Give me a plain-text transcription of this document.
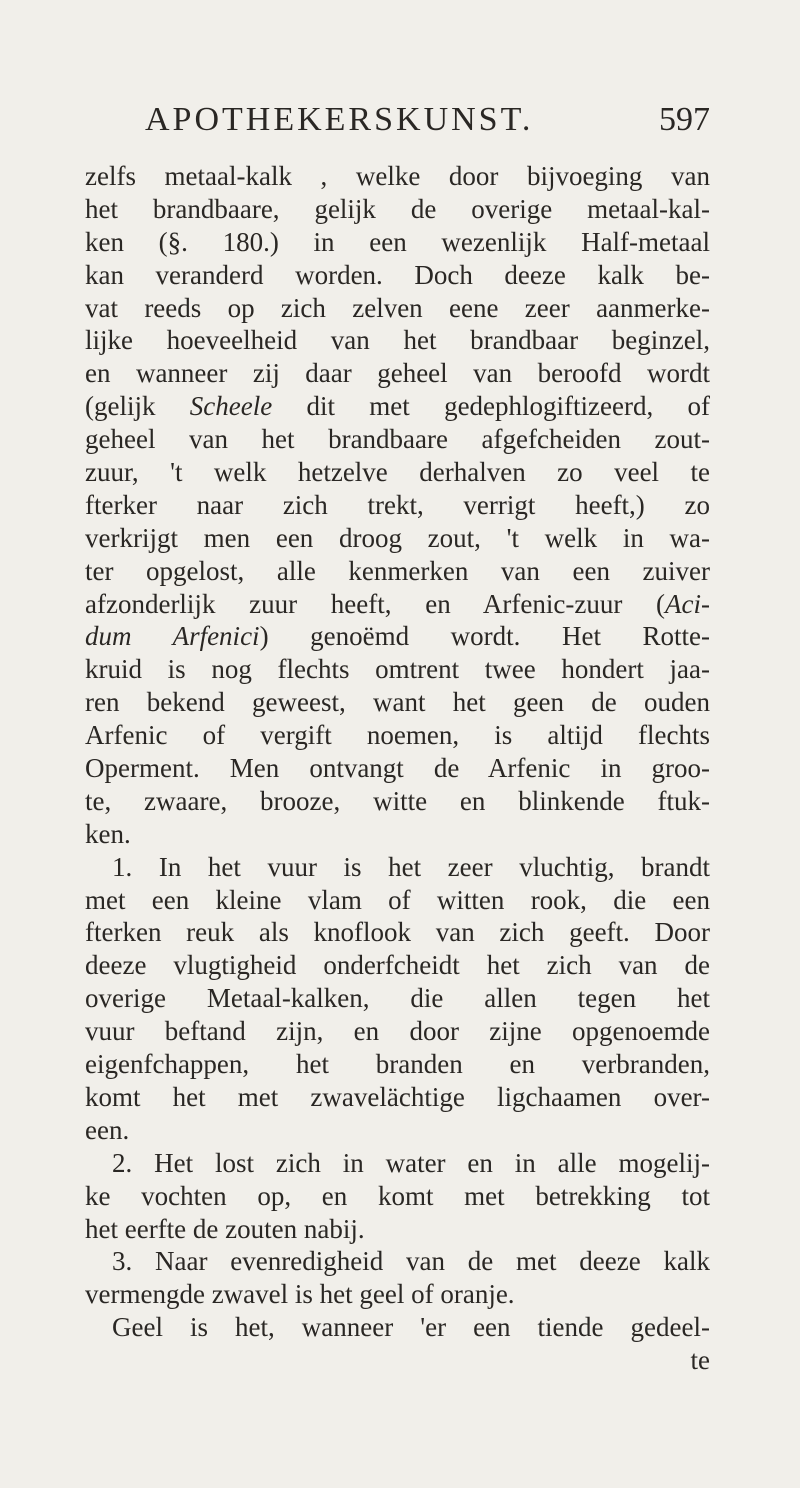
APOTHEKERSKUNST.	597
zelfs metaal-kalk , welke door bijvoeging van
het brandbaare, gelijk de overige metaal-kal-
ken (§. 180.) in een wezenlijk Half-metaal
kan veranderd worden. Doch deeze kalk be-
vat reeds op zich zelven eene zeer aanmerke-
lijke hoeveelheid van het brandbaar beginzel,
en wanneer zij daar geheel van beroofd wordt
(gelijk Scheele dit met gedephlogiftizeerd, of
geheel van het brandbaare afgefcheiden zout-
zuur, 't welk hetzelve derhalven zo veel te
fterker naar zich trekt, verrigt heeft,) zo
verkrijgt men een droog zout, 't welk in wa-
ter opgelost, alle kenmerken van een zuiver
afzonderlijk zuur heeft, en Arfenic-zuur (Aci-
dum Arfenici) genoëmd wordt. Het Rotte-
kruid is nog flechts omtrent twee hondert jaa-
ren bekend geweest, want het geen de ouden
Arfenic of vergift noemen, is altijd flechts
Operment. Men ontvangt de Arfenic in groo-
te, zwaare, brooze, witte en blinkende ftuk-
ken.
1. In het vuur is het zeer vluchtig, brandt
met een kleine vlam of witten rook, die een
fterken reuk als knoflook van zich geeft. Door
deeze vlugtigheid onderfcheidt het zich van de
overige Metaal-kalken, die allen tegen het
vuur beftand zijn, en door zijne opgenoemde
eigenfchappen, het branden en verbranden,
komt het met zwavelächtige ligchaamen over-
een.
2. Het lost zich in water en in alle mogelij-
ke vochten op, en komt met betrekking tot
het eerfte de zouten nabij.
3. Naar evenredigheid van de met deeze kalk
vermengde zwavel is het geel of oranje.
Geel is het, wanneer 'er een tiende gedeel-
te
